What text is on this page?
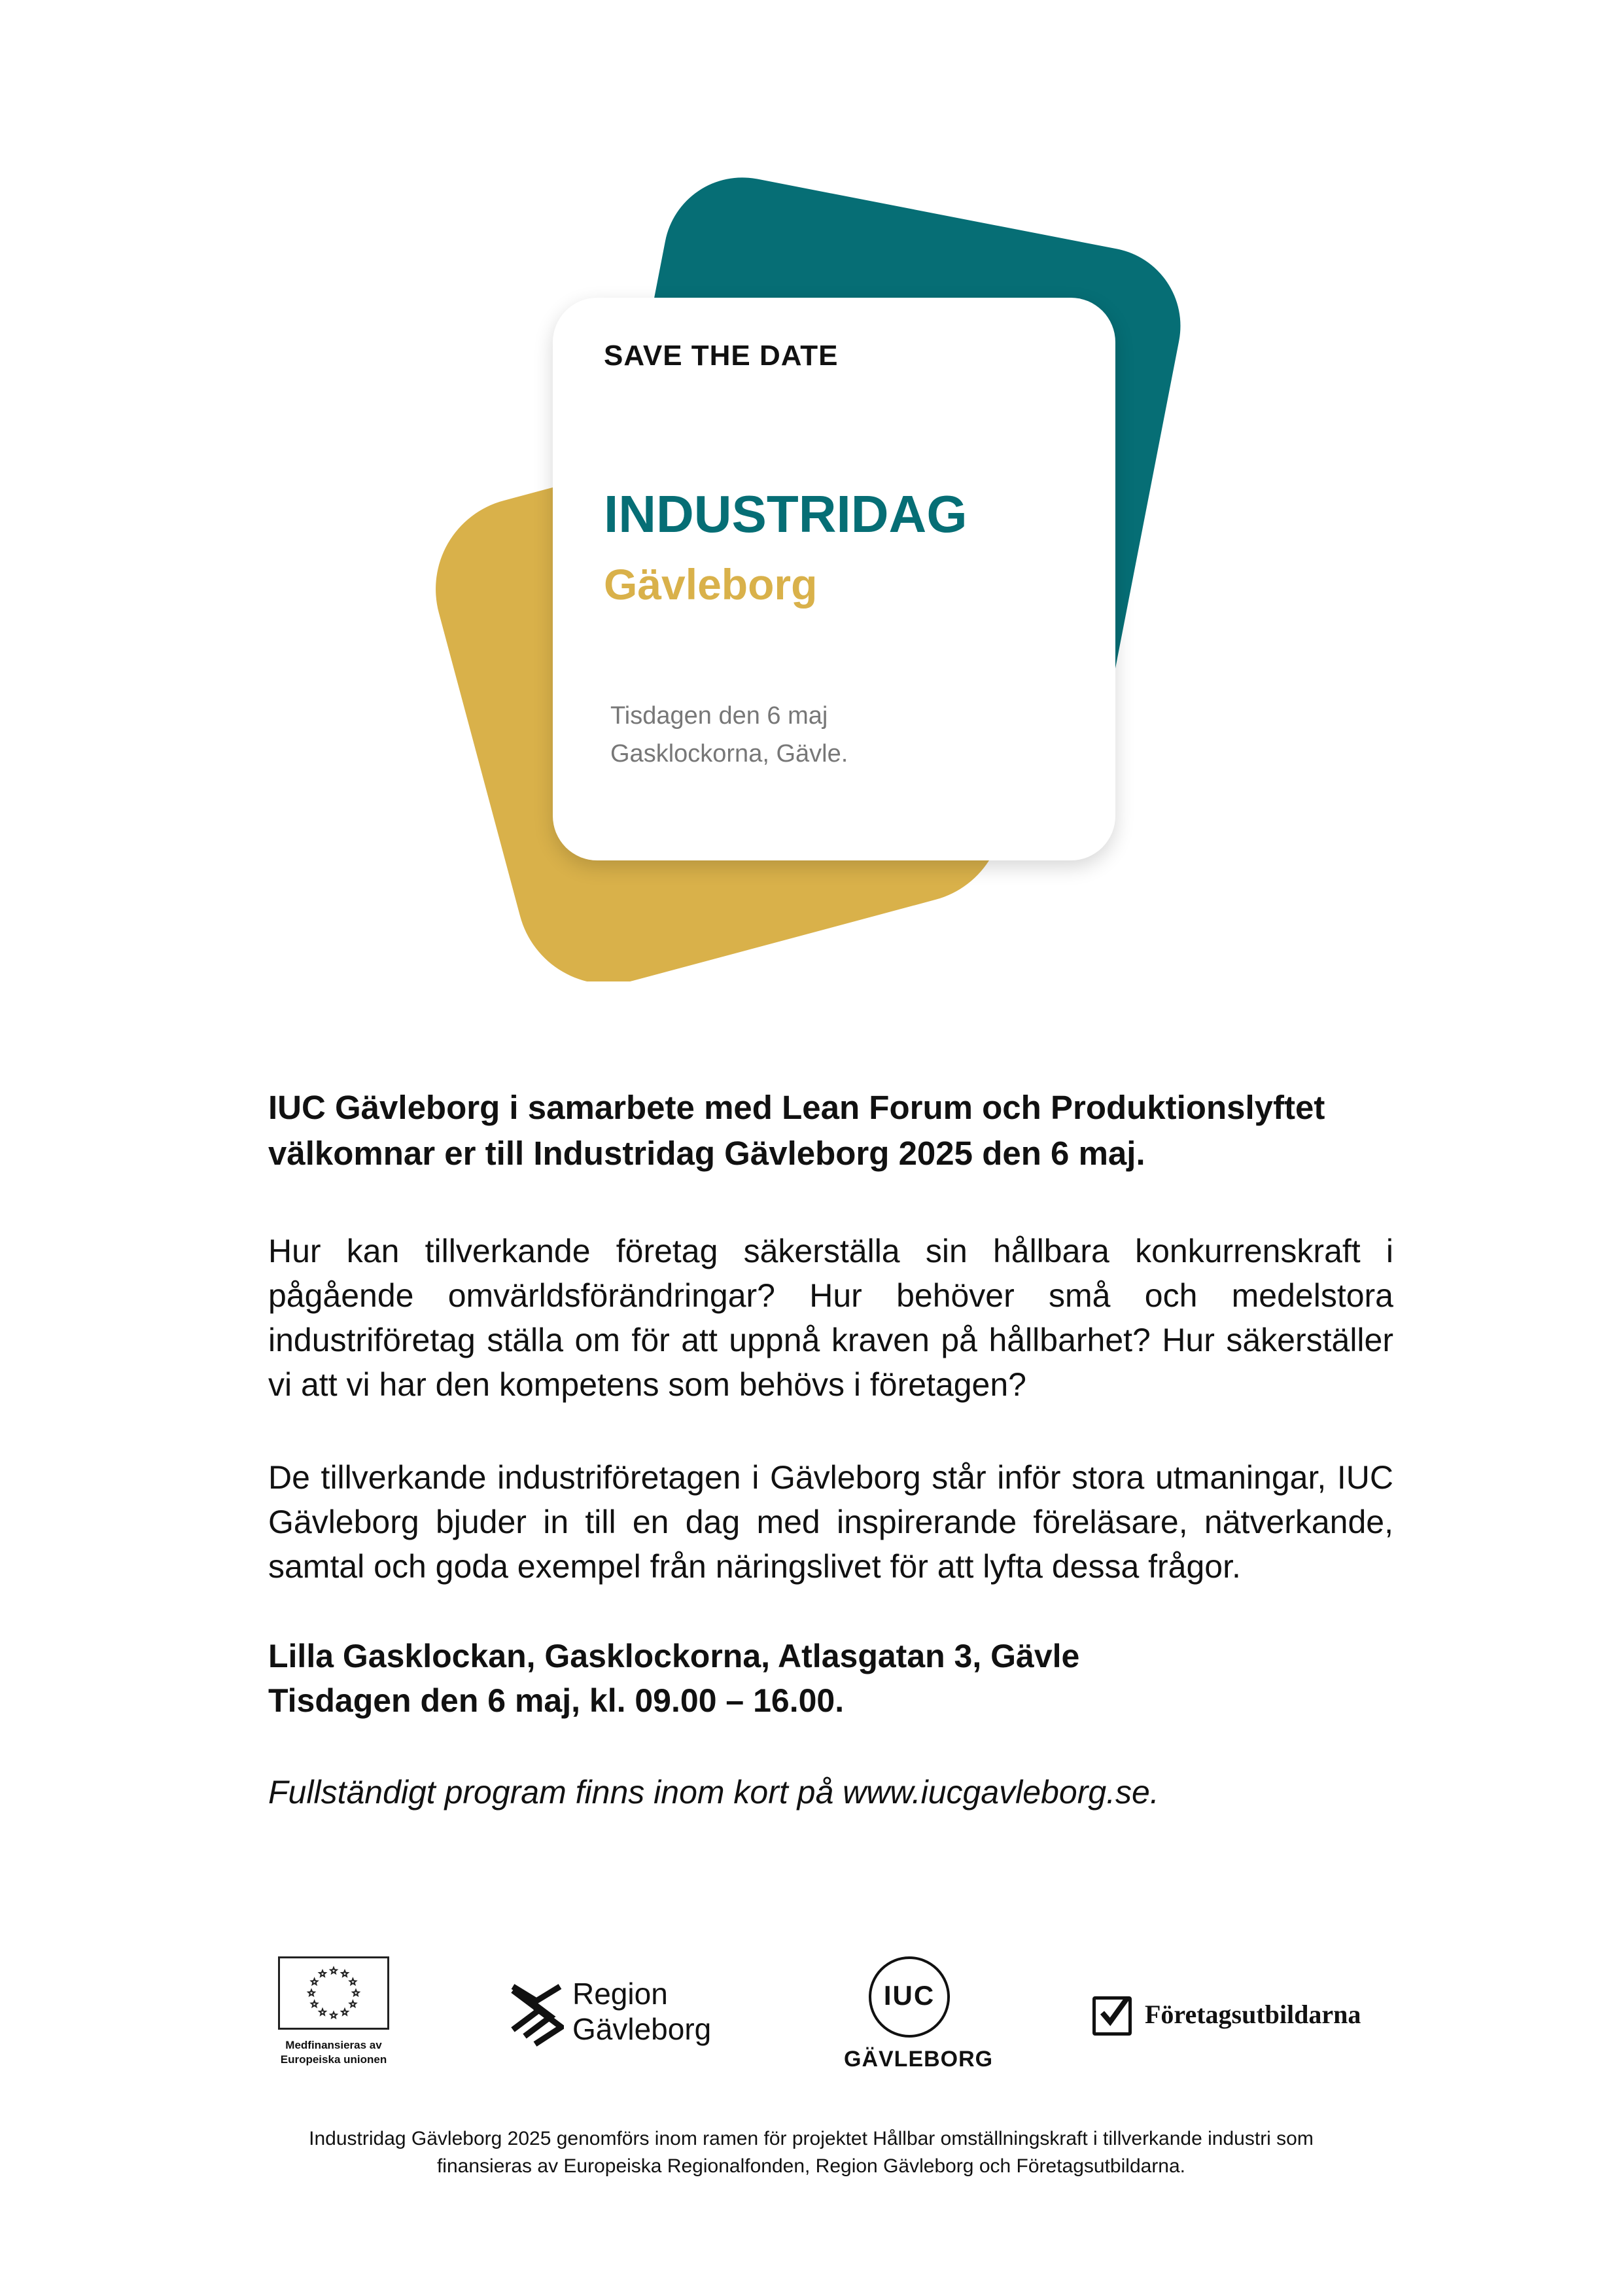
SAVE THE DATE
INDUSTRIDAG
Gävleborg
Tisdagen den 6 maj
Gasklockorna, Gävle.
IUC Gävleborg i samarbete med Lean Forum och Produktionslyftet
välkomnar er till Industridag Gävleborg 2025 den 6 maj.
Hur kan tillverkande företag säkerställa sin hållbara konkurrenskraft i pågående omvärldsförändringar? Hur behöver små och medelstora industriföretag ställa om för att uppnå kraven på hållbarhet? Hur säkerställer vi att vi har den kompetens som behövs i företagen?
De tillverkande industriföretagen i Gävleborg står inför stora utmaningar, IUC Gävleborg bjuder in till en dag med inspirerande föreläsare, nätverkande, samtal och goda exempel från näringslivet för att lyfta dessa frågor.
Lilla Gasklockan, Gasklockorna, Atlasgatan 3, Gävle
Tisdagen den 6 maj, kl. 09.00 – 16.00.
Fullständigt program finns inom kort på www.iucgavleborg.se.
Medfinansieras av
Europeiska unionen
Region
Gävleborg
IUC
GÄVLEBORG
Företagsutbildarna
Industridag Gävleborg 2025 genomförs inom ramen för projektet Hållbar omställningskraft i tillverkande industri som
finansieras av Europeiska Regionalfonden, Region Gävleborg och Företagsutbildarna.
